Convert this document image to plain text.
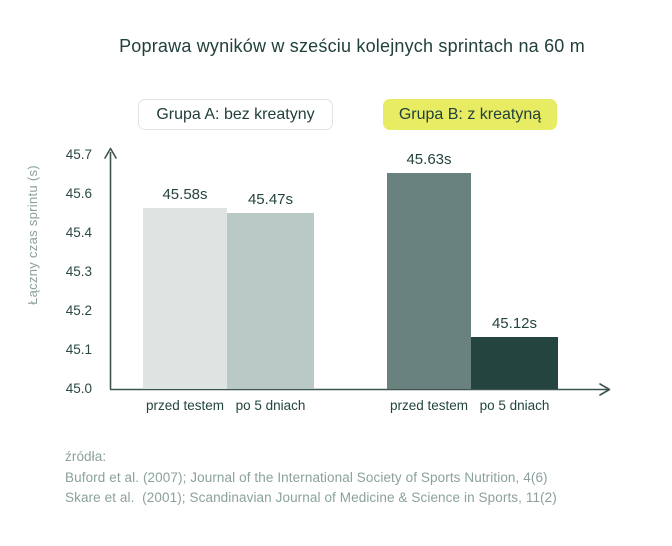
Poprawa wyników w sześciu kolejnych sprintach na 60 m
Grupa A: bez kreatyny	Grupa B: z kreatyną
Łączny czas sprintu (s)
45.7
45.6
45.4
45.3
45.2
45.1
45.0
45.58s
przed testem
45.47s
po 5 dniach
45.63s
przed testem
45.12s
po 5 dniach
źródła:
Buford et al. (2007); Journal of the International Society of Sports Nutrition, 4(6)
Skare et al.  (2001); Scandinavian Journal of Medicine & Science in Sports, 11(2)
